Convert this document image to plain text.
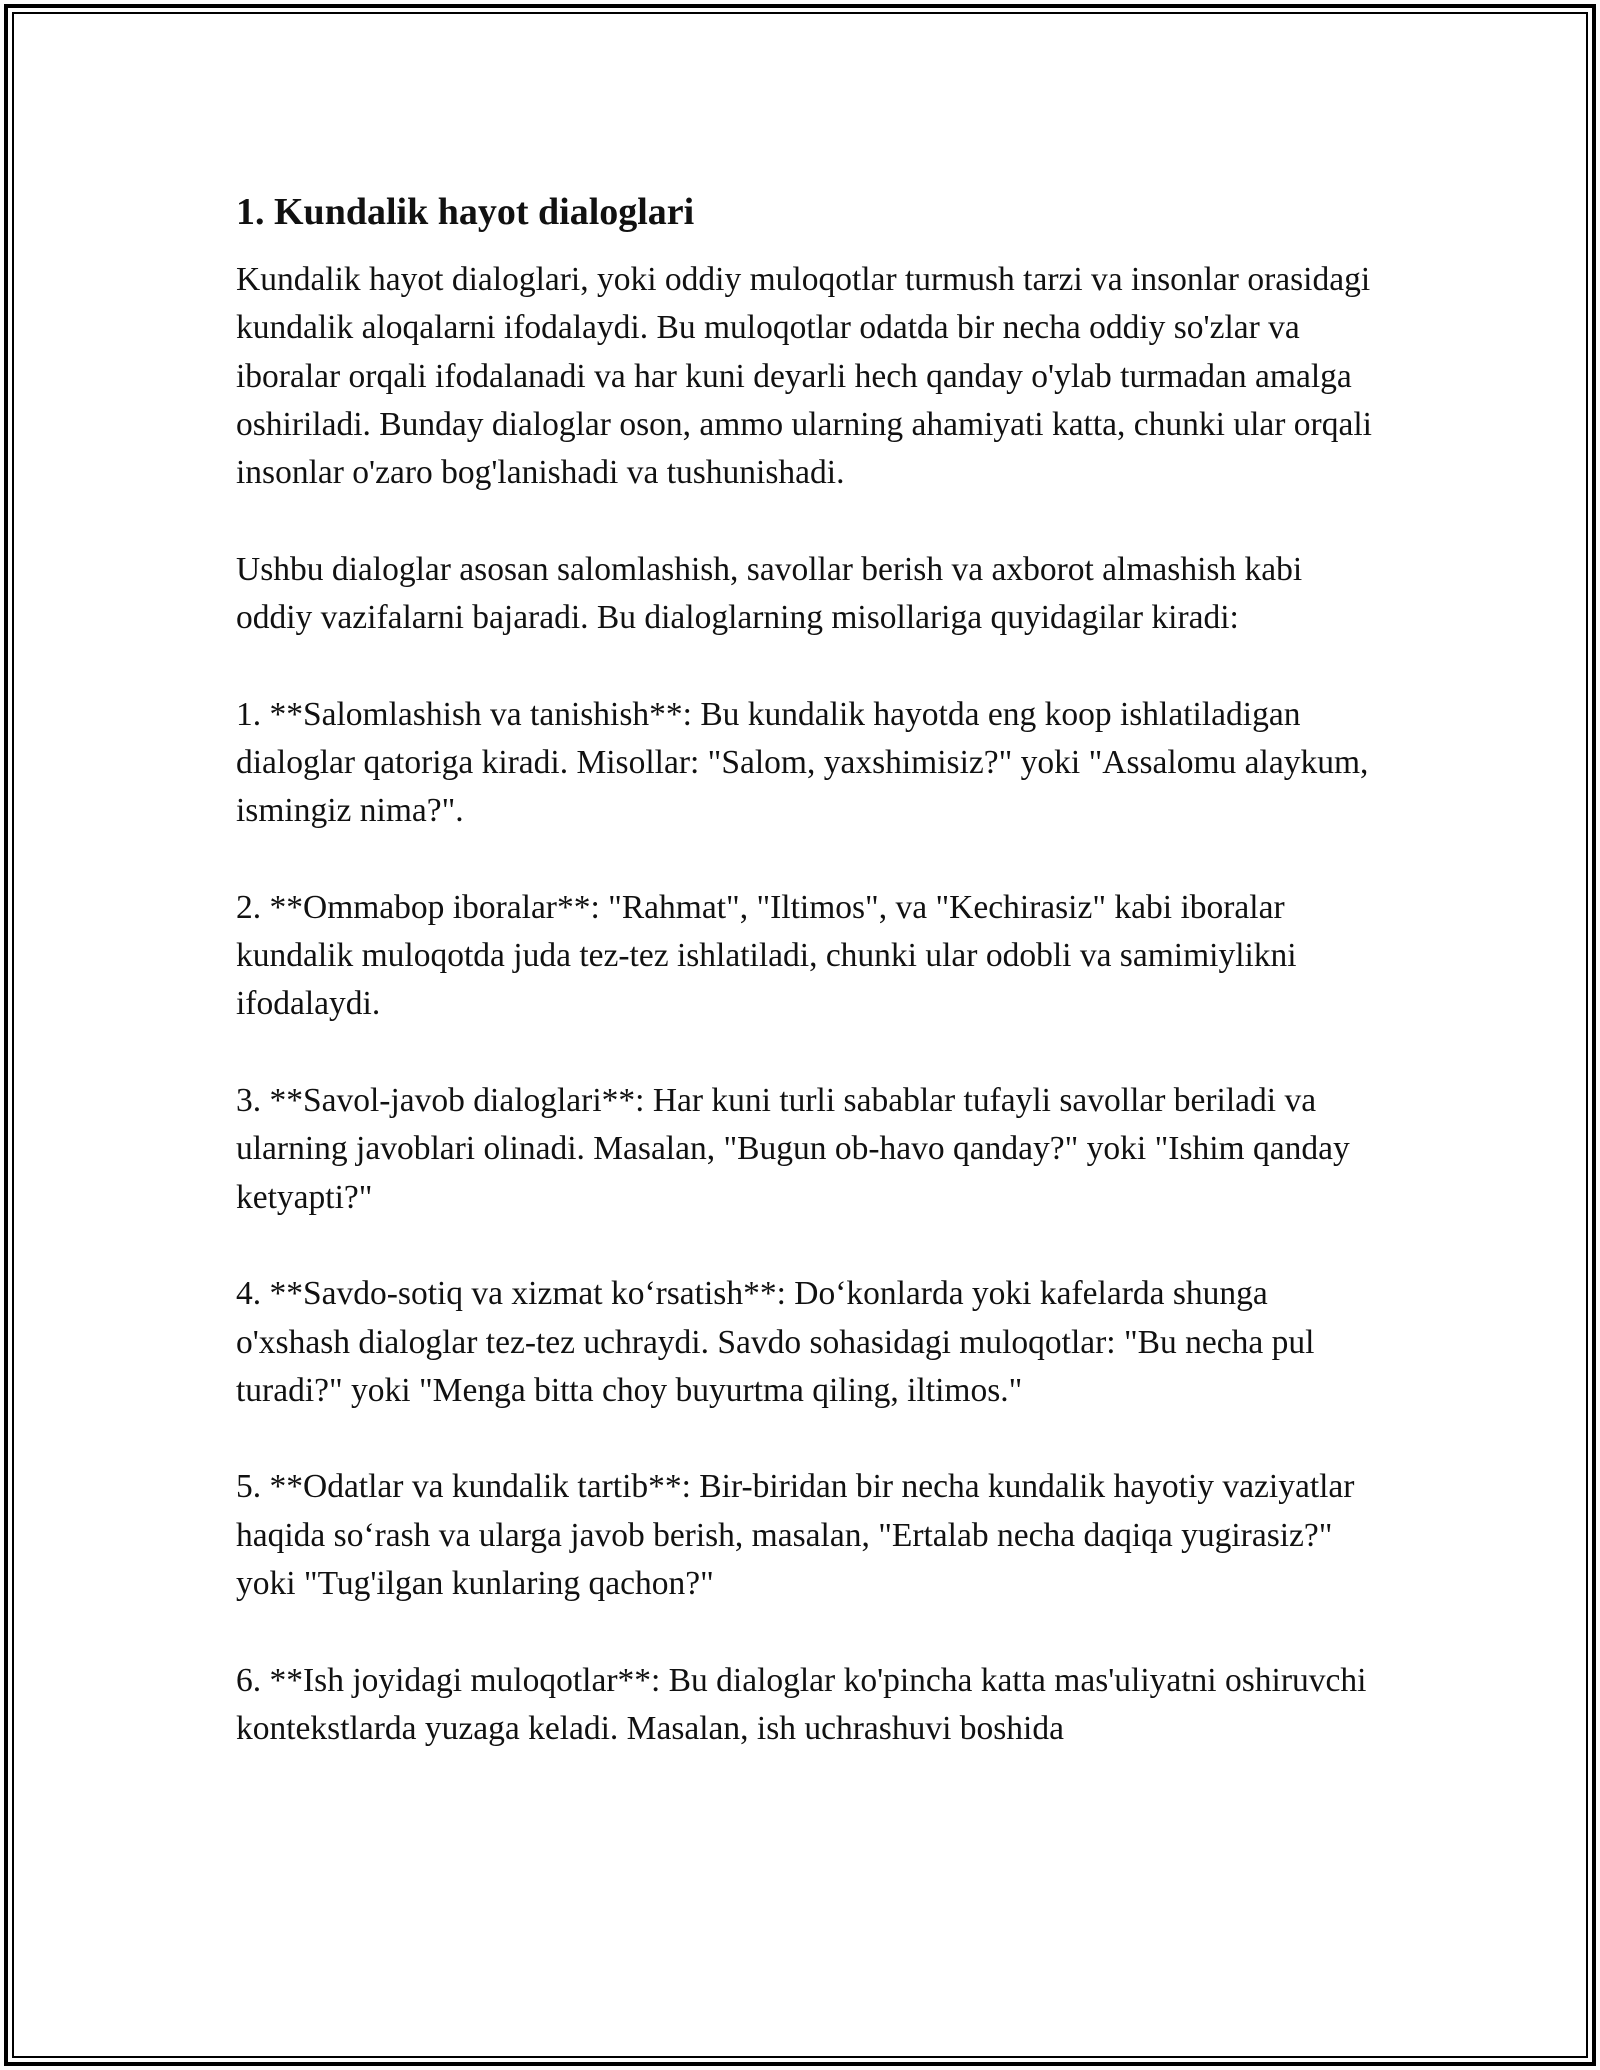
1. Kundalik hayot dialoglari

Kundalik hayot dialoglari, yoki oddiy muloqotlar turmush tarzi va insonlar orasidagi kundalik aloqalarni ifodalaydi. Bu muloqotlar odatda bir necha oddiy so'zlar va iboralar orqali ifodalanadi va har kuni deyarli hech qanday o'ylab turmadan amalga oshiriladi. Bunday dialoglar oson, ammo ularning ahamiyati katta, chunki ular orqali insonlar o'zaro bog'lanishadi va tushunishadi.

Ushbu dialoglar asosan salomlashish, savollar berish va axborot almashish kabi oddiy vazifalarni bajaradi. Bu dialoglarning misollariga quyidagilar kiradi:

1. **Salomlashish va tanishish**: Bu kundalik hayotda eng koop ishlatiladigan dialoglar qatoriga kiradi. Misollar: "Salom, yaxshimisiz?" yoki "Assalomu alaykum, ismingiz nima?".

2. **Ommabop iboralar**: "Rahmat", "Iltimos", va "Kechirasiz" kabi iboralar kundalik muloqotda juda tez-tez ishlatiladi, chunki ular odobli va samimiylikni ifodalaydi.

3. **Savol-javob dialoglari**: Har kuni turli sabablar tufayli savollar beriladi va ularning javoblari olinadi. Masalan, "Bugun ob-havo qanday?" yoki "Ishim qanday ketyapti?"

4. **Savdo-sotiq va xizmat ko‘rsatish**: Do‘konlarda yoki kafelarda shunga o'xshash dialoglar tez-tez uchraydi. Savdo sohasidagi muloqotlar: "Bu necha pul turadi?" yoki "Menga bitta choy buyurtma qiling, iltimos."

5. **Odatlar va kundalik tartib**: Bir-biridan bir necha kundalik hayotiy vaziyatlar haqida so‘rash va ularga javob berish, masalan, "Ertalab necha daqiqa yugirasiz?" yoki "Tug'ilgan kunlaring qachon?"

6. **Ish joyidagi muloqotlar**: Bu dialoglar ko'pincha katta mas'uliyatni oshiruvchi kontekstlarda yuzaga keladi. Masalan, ish uchrashuvi boshida
